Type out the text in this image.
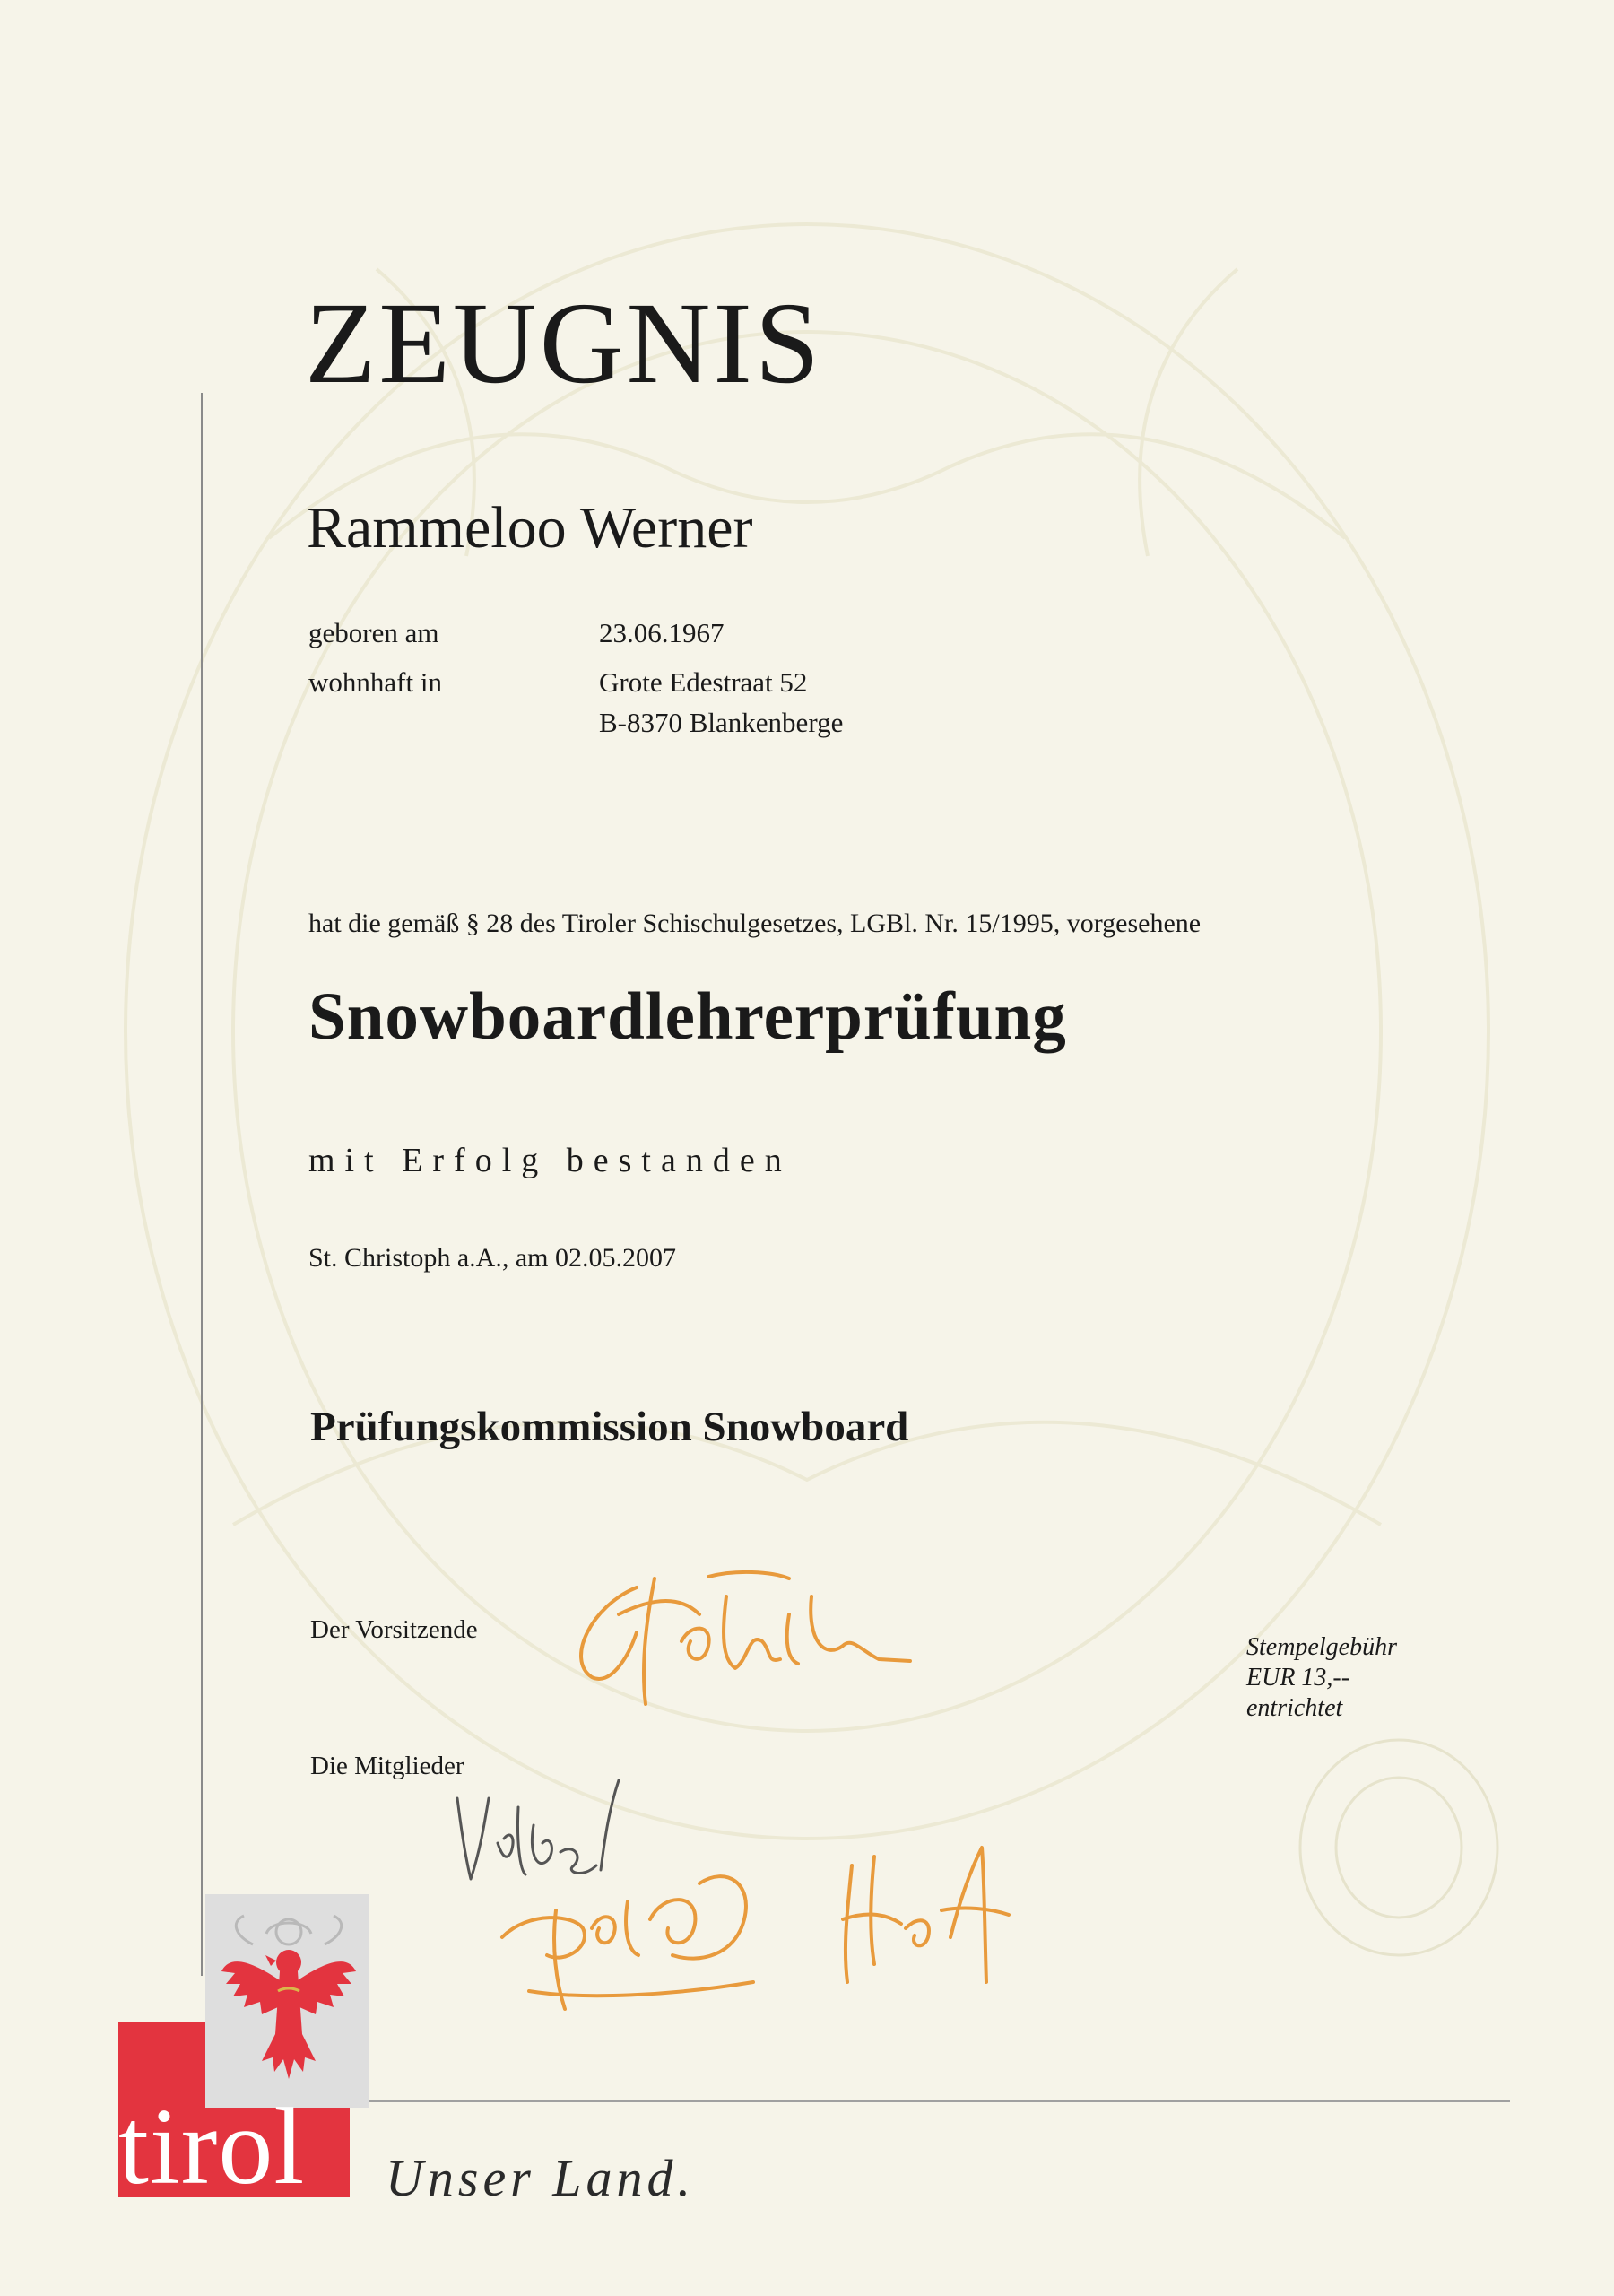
ZEUGNIS
Rammeloo Werner
geboren am	23.06.1967
wohnhaft in	Grote Edestraat 52
B-8370 Blankenberge
hat die gemäß § 28 des Tiroler Schischulgesetzes, LGBl. Nr. 15/1995, vorgesehene
Snowboardlehrerprüfung
mit Erfolg bestanden
St. Christoph a.A., am 02.05.2007
Prüfungskommission Snowboard
Der Vorsitzende
Die Mitglieder
Stempelgebühr
EUR 13,--
entrichtet
tirol Unser Land.
